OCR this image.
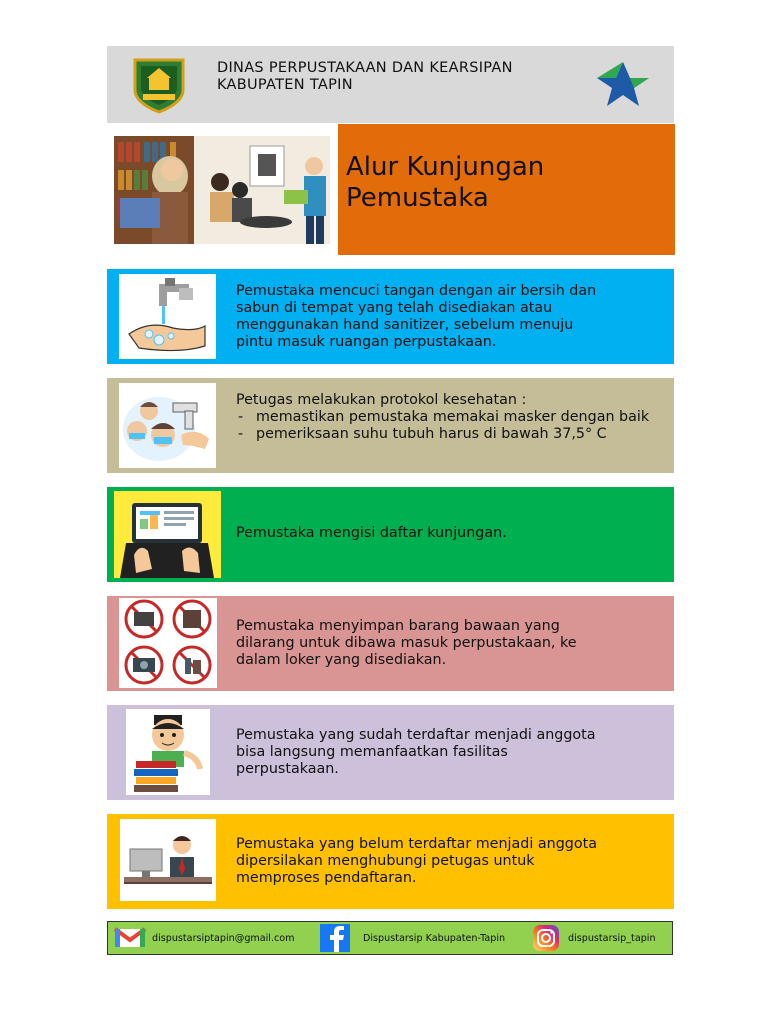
DINAS PERPUSTAKAAN DAN KEARSIPAN
KABUPATEN TAPIN
Alur Kunjungan
Pemustaka
Pemustaka mencuci tangan dengan air bersih dan
sabun di tempat yang telah disediakan atau
menggunakan hand sanitizer, sebelum menuju
pintu masuk ruangan perpustakaan.
Petugas melakukan protokol kesehatan :
- memastikan pemustaka memakai masker dengan baik
- pemeriksaan suhu tubuh harus di bawah 37,5° C
Pemustaka mengisi daftar kunjungan.
Pemustaka menyimpan barang bawaan yang
dilarang untuk dibawa masuk perpustakaan, ke
dalam loker yang disediakan.
Pemustaka yang sudah terdaftar menjadi anggota
bisa langsung memanfaatkan fasilitas
perpustakaan.
Pemustaka yang belum terdaftar menjadi anggota
dipersilakan menghubungi petugas untuk
memproses pendaftaran.
dispustarsiptapin@gmail.com	Dispustarsip Kabupaten-Tapin	dispustarsip_tapin
